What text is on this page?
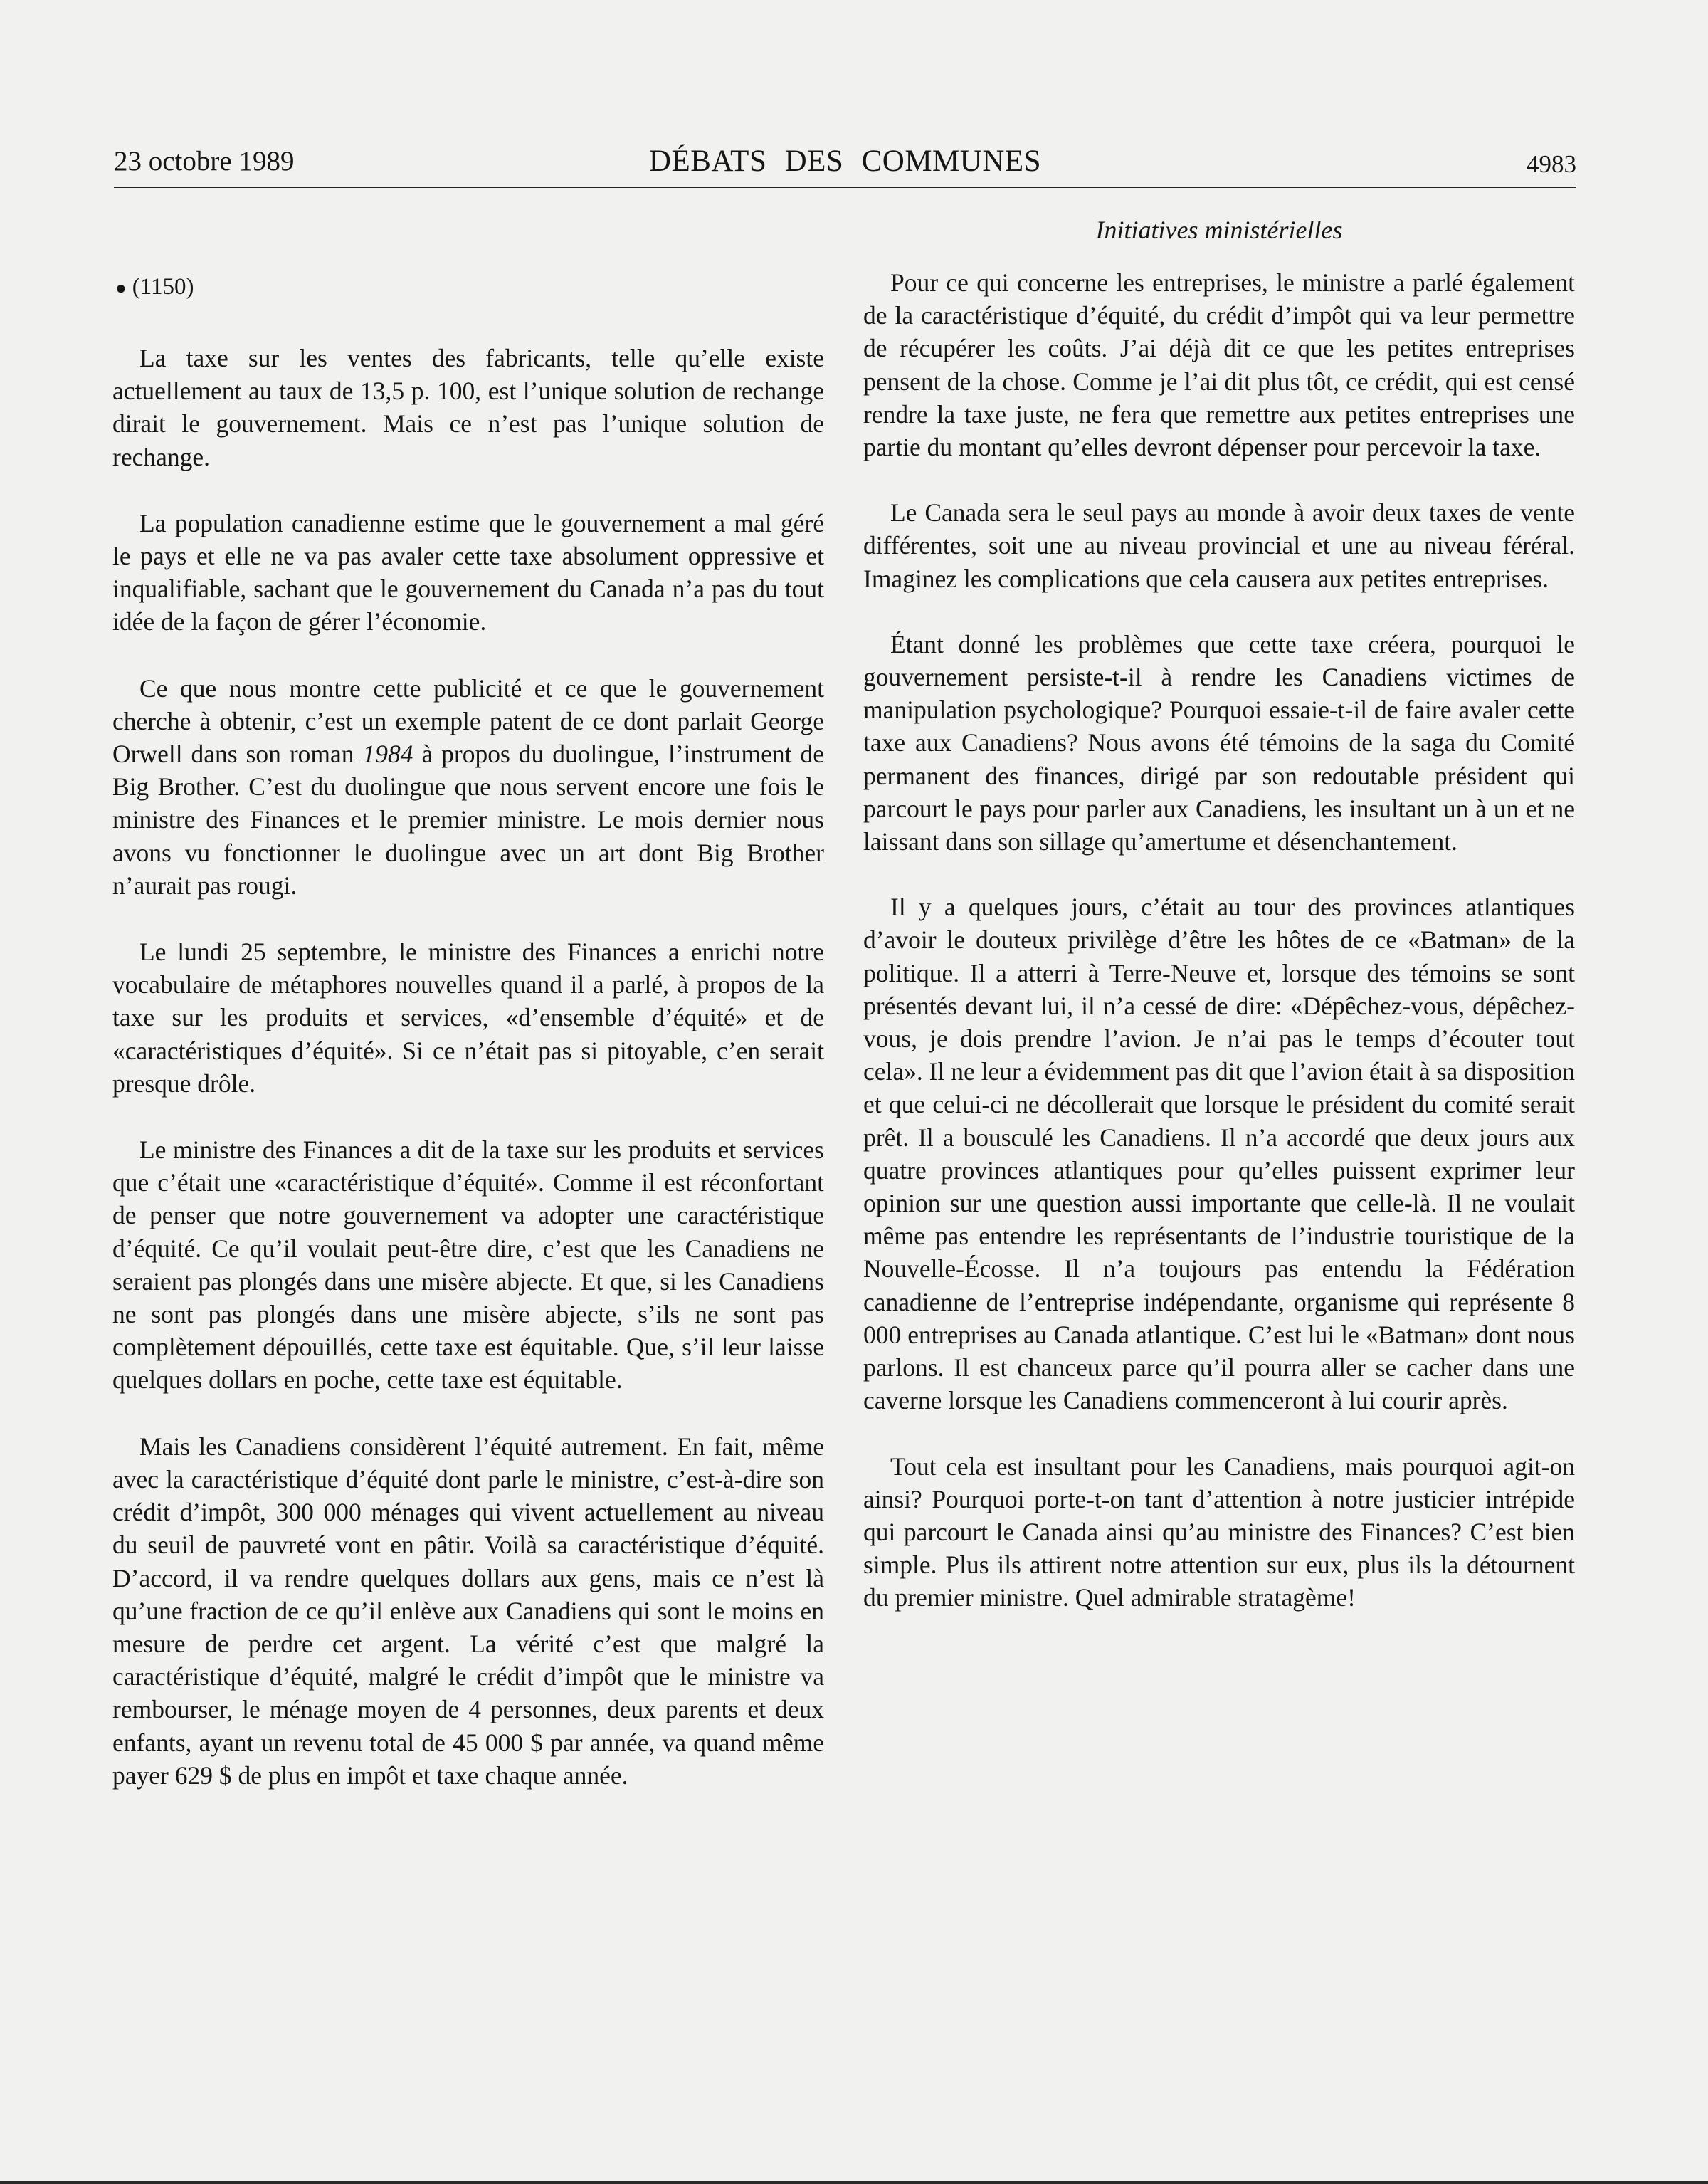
23 octobre 1989	DÉBATS DES COMMUNES	4983
● (1150)

La taxe sur les ventes des fabricants, telle qu’elle existe actuellement au taux de 13,5 p. 100, est l’unique solution de rechange dirait le gouvernement. Mais ce n’est pas l’unique solution de rechange.

La population canadienne estime que le gouvernement a mal géré le pays et elle ne va pas avaler cette taxe absolument oppressive et inqualifiable, sachant que le gouvernement du Canada n’a pas du tout idée de la façon de gérer l’économie.

Ce que nous montre cette publicité et ce que le gouvernement cherche à obtenir, c’est un exemple patent de ce dont parlait George Orwell dans son roman 1984 à propos du duolingue, l’instrument de Big Brother. C’est du duolingue que nous servent encore une fois le ministre des Finances et le premier ministre. Le mois dernier nous avons vu fonctionner le duolingue avec un art dont Big Brother n’aurait pas rougi.

Le lundi 25 septembre, le ministre des Finances a enrichi notre vocabulaire de métaphores nouvelles quand il a parlé, à propos de la taxe sur les produits et services, «d’ensemble d’équité» et de «caractéristiques d’équité». Si ce n’était pas si pitoyable, c’en serait presque drôle.

Le ministre des Finances a dit de la taxe sur les produits et services que c’était une «caractéristique d’équité». Comme il est réconfortant de penser que notre gouvernement va adopter une caractéristique d’équité. Ce qu’il voulait peut-être dire, c’est que les Canadiens ne seraient pas plongés dans une misère abjecte. Et que, si les Canadiens ne sont pas plongés dans une misère abjecte, s’ils ne sont pas complètement dépouillés, cette taxe est équitable. Que, s’il leur laisse quelques dollars en poche, cette taxe est équitable.

Mais les Canadiens considèrent l’équité autrement. En fait, même avec la caractéristique d’équité dont parle le ministre, c’est-à-dire son crédit d’impôt, 300 000 ménages qui vivent actuellement au niveau du seuil de pauvreté vont en pâtir. Voilà sa caractéristique d’équité. D’accord, il va rendre quelques dollars aux gens, mais ce n’est là qu’une fraction de ce qu’il enlève aux Canadiens qui sont le moins en mesure de perdre cet argent. La vérité c’est que malgré la caractéristique d’équité, malgré le crédit d’impôt que le ministre va rembourser, le ménage moyen de 4 personnes, deux parents et deux enfants, ayant un revenu total de 45 000 $ par année, va quand même payer 629 $ de plus en impôt et taxe chaque année.

Initiatives ministérielles

Pour ce qui concerne les entreprises, le ministre a parlé également de la caractéristique d’équité, du crédit d’impôt qui va leur permettre de récupérer les coûts. J’ai déjà dit ce que les petites entreprises pensent de la chose. Comme je l’ai dit plus tôt, ce crédit, qui est censé rendre la taxe juste, ne fera que remettre aux petites entreprises une partie du montant qu’elles devront dépenser pour percevoir la taxe.

Le Canada sera le seul pays au monde à avoir deux taxes de vente différentes, soit une au niveau provincial et une au niveau féréral. Imaginez les complications que cela causera aux petites entreprises.

Étant donné les problèmes que cette taxe créera, pourquoi le gouvernement persiste-t-il à rendre les Canadiens victimes de manipulation psychologique? Pourquoi essaie-t-il de faire avaler cette taxe aux Canadiens? Nous avons été témoins de la saga du Comité permanent des finances, dirigé par son redoutable président qui parcourt le pays pour parler aux Canadiens, les insultant un à un et ne laissant dans son sillage qu’amertume et désenchantement.

Il y a quelques jours, c’était au tour des provinces atlantiques d’avoir le douteux privilège d’être les hôtes de ce «Batman» de la politique. Il a atterri à Terre-Neuve et, lorsque des témoins se sont présentés devant lui, il n’a cessé de dire: «Dépêchez-vous, dépêchez-vous, je dois prendre l’avion. Je n’ai pas le temps d’écouter tout cela». Il ne leur a évidemment pas dit que l’avion était à sa disposition et que celui-ci ne décollerait que lorsque le président du comité serait prêt. Il a bousculé les Canadiens. Il n’a accordé que deux jours aux quatre provinces atlantiques pour qu’elles puissent exprimer leur opinion sur une question aussi importante que celle-là. Il ne voulait même pas entendre les représentants de l’industrie touristique de la Nouvelle-Écosse. Il n’a toujours pas entendu la Fédération canadienne de l’entreprise indépendante, organisme qui représente 8 000 entreprises au Canada atlantique. C’est lui le «Batman» dont nous parlons. Il est chanceux parce qu’il pourra aller se cacher dans une caverne lorsque les Canadiens commenceront à lui courir après.

Tout cela est insultant pour les Canadiens, mais pourquoi agit-on ainsi? Pourquoi porte-t-on tant d’attention à notre justicier intrépide qui parcourt le Canada ainsi qu’au ministre des Finances? C’est bien simple. Plus ils attirent notre attention sur eux, plus ils la détournent du premier ministre. Quel admirable stratagème!
